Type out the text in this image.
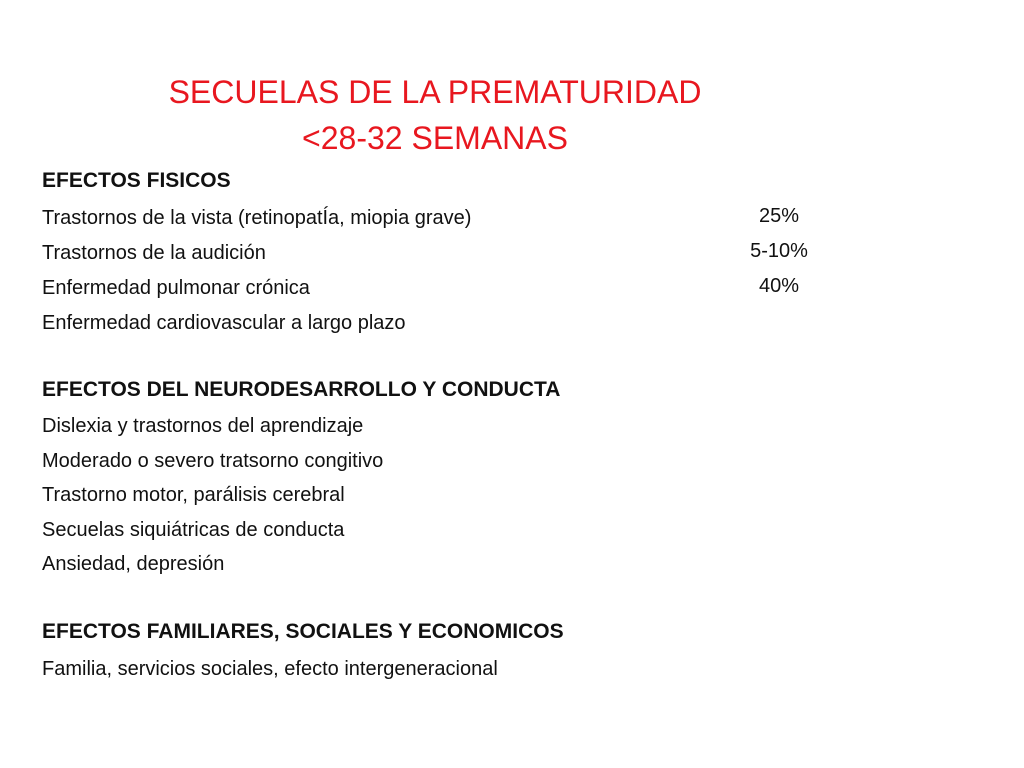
SECUELAS DE LA PREMATURIDAD
<28-32 SEMANAS
EFECTOS FISICOS
Trastornos de la vista (retinopatÍa, miopia grave)	25%
Trastornos de la audición	5-10%
Enfermedad pulmonar crónica	40%
Enfermedad cardiovascular a largo plazo
EFECTOS DEL NEURODESARROLLO Y CONDUCTA
Dislexia y trastornos del aprendizaje
Moderado o severo tratsorno congitivo
Trastorno motor, parálisis cerebral
Secuelas siquiátricas de conducta
Ansiedad, depresión
EFECTOS FAMILIARES, SOCIALES Y ECONOMICOS
Familia, servicios sociales, efecto intergeneracional
